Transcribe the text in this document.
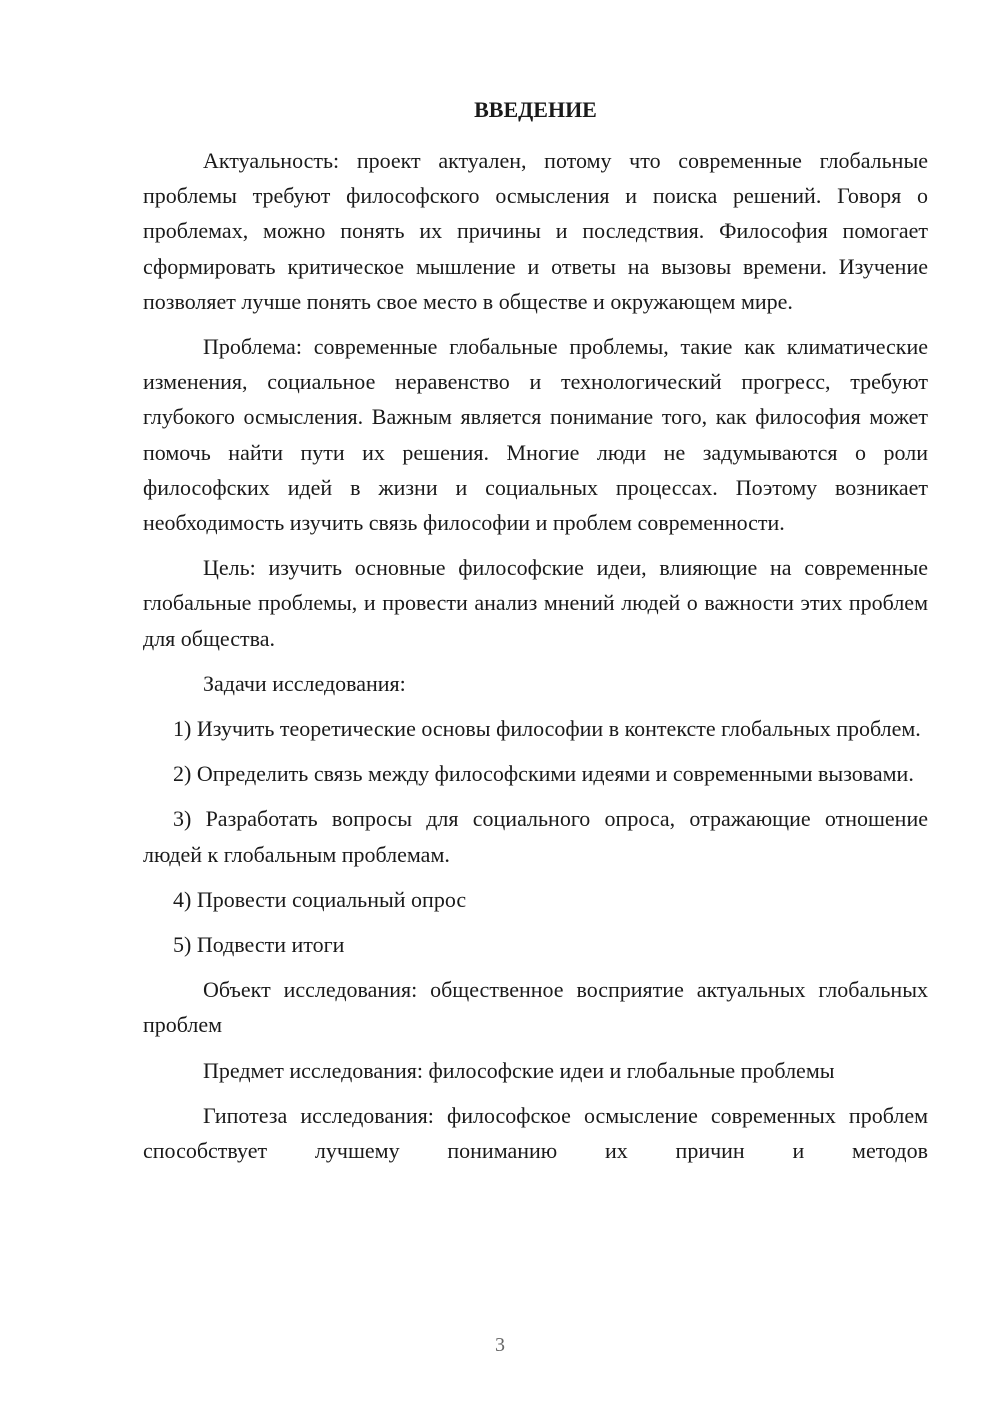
ВВЕДЕНИЕ

Актуальность: проект актуален, потому что современные глобальные проблемы требуют философского осмысления и поиска решений. Говоря о проблемах, можно понять их причины и последствия. Философия помогает сформировать критическое мышление и ответы на вызовы времени. Изучение позволяет лучше понять свое место в обществе и окружающем мире.

Проблема: современные глобальные проблемы, такие как климатические изменения, социальное неравенство и технологический прогресс, требуют глубокого осмысления. Важным является понимание того, как философия может помочь найти пути их решения. Многие люди не задумываются о роли философских идей в жизни и социальных процессах. Поэтому возникает необходимость изучить связь философии и проблем современности.

Цель: изучить основные философские идеи, влияющие на современные глобальные проблемы, и провести анализ мнений людей о важности этих проблем для общества.

Задачи исследования:

1) Изучить теоретические основы философии в контексте глобальных проблем.

2) Определить связь между философскими идеями и современными вызовами.

3) Разработать вопросы для социального опроса, отражающие отношение людей к глобальным проблемам.

4) Провести социальный опрос

5) Подвести итоги

Объект исследования: общественное восприятие актуальных глобальных проблем

Предмет исследования: философские идеи и глобальные проблемы

Гипотеза исследования: философское осмысление современных проблем способствует лучшему пониманию их причин и методов

3
